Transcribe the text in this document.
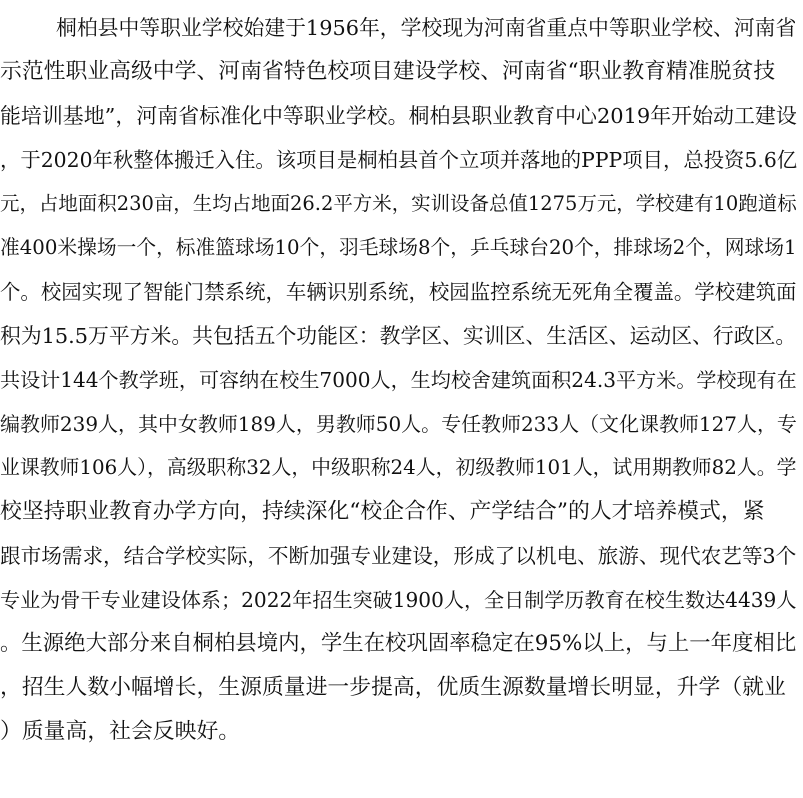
桐柏县中等职业学校始建于1956年，学校现为河南省重点中等职业学校、河南省
示范性职业高级中学、河南省特色校项目建设学校、河南省“职业教育精准脱贫技
能培训基地”，河南省标准化中等职业学校。桐柏县职业教育中心2019年开始动工建设
，于2020年秋整体搬迁入住。该项目是桐柏县首个立项并落地的PPP项目，总投资5.6亿
元，占地面积230亩，生均占地面26.2平方米，实训设备总值1275万元，学校建有10跑道标
准400米操场一个，标准篮球场10个，羽毛球场8个，乒乓球台20个，排球场2个，网球场1
个。校园实现了智能门禁系统，车辆识别系统，校园监控系统无死角全覆盖。学校建筑面
积为15.5万平方米。共包括五个功能区：教学区、实训区、生活区、运动区、行政区。
共设计144个教学班，可容纳在校生7000人，生均校舍建筑面积24.3平方米。学校现有在
编教师239人，其中女教师189人，男教师50人。专任教师233人（文化课教师127人，专
业课教师106人），高级职称32人，中级职称24人，初级教师101人，试用期教师82人。学
校坚持职业教育办学方向，持续深化“校企合作、产学结合”的人才培养模式，紧
跟市场需求，结合学校实际，不断加强专业建设，形成了以机电、旅游、现代农艺等3个
专业为骨干专业建设体系；2022年招生突破1900人，全日制学历教育在校生数达4439人
。生源绝大部分来自桐柏县境内，学生在校巩固率稳定在95%以上，与上一年度相比
，招生人数小幅增长，生源质量进一步提高，优质生源数量增长明显，升学（就业
）质量高，社会反映好。
